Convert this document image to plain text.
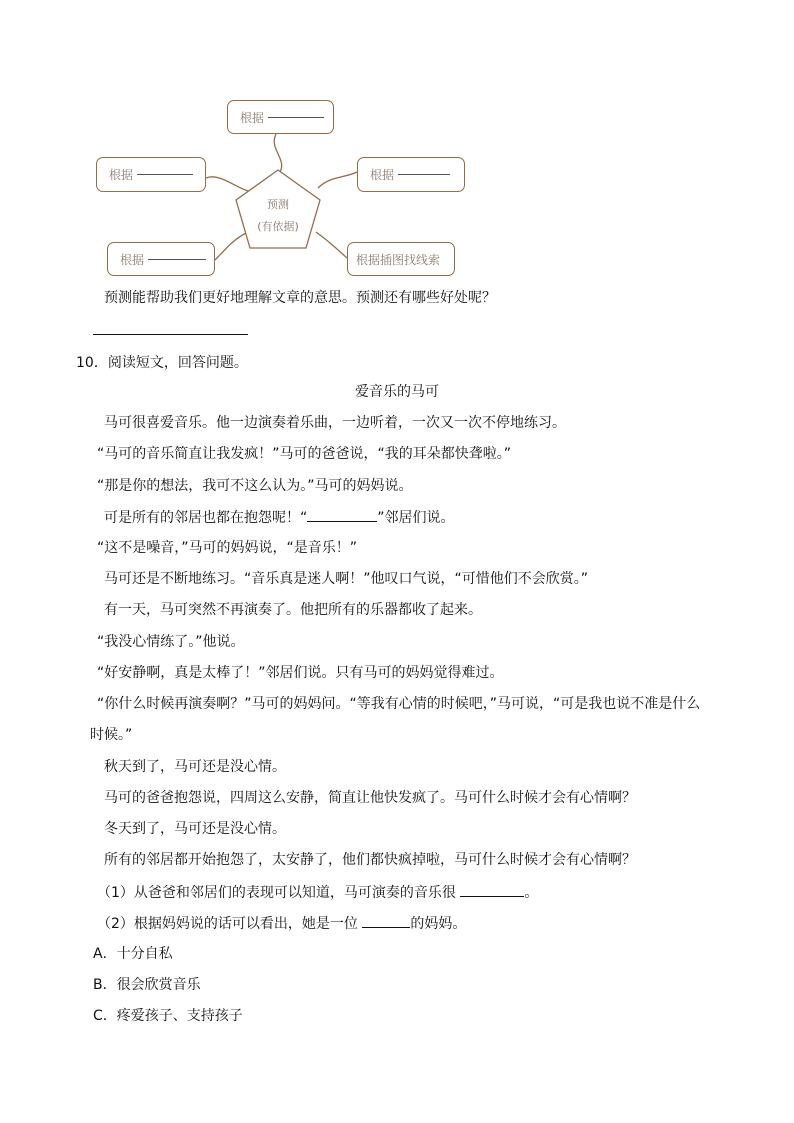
预测
(有依据)
根据
根据	根据
根据	根据插图找线索
预测能帮助我们更好地理解文章的意思。预测还有哪些好处呢？
10．阅读短文，回答问题。
爱音乐的马可
马可很喜爱音乐。他一边演奏着乐曲，一边听着，一次又一次不停地练习。
“马可的音乐简直让我发疯！”马可的爸爸说，“我的耳朵都快聋啦。”
“那是你的想法，我可不这么认为。”马可的妈妈说。
可是所有的邻居也都在抱怨呢！“	”邻居们说。
“这不是噪音，”马可的妈妈说，“是音乐！”
马可还是不断地练习。“音乐真是迷人啊！”他叹口气说，“可惜他们不会欣赏。”
有一天，马可突然不再演奏了。他把所有的乐器都收了起来。
“我没心情练了。”他说。
“好安静啊，真是太棒了！”邻居们说。只有马可的妈妈觉得难过。
“你什么时候再演奏啊？”马可的妈妈问。“等我有心情的时候吧，”马可说，“可是我也说不准是什么
时候。”
秋天到了，马可还是没心情。
马可的爸爸抱怨说，四周这么安静，简直让他快发疯了。马可什么时候才会有心情啊？
冬天到了，马可还是没心情。
所有的邻居都开始抱怨了，太安静了，他们都快疯掉啦，马可什么时候才会有心情啊？
（1）从爸爸和邻居们的表现可以知道，马可演奏的音乐很	。
（2）根据妈妈说的话可以看出，她是一位	的妈妈。
A．十分自私
B．很会欣赏音乐
C．疼爱孩子、支持孩子
